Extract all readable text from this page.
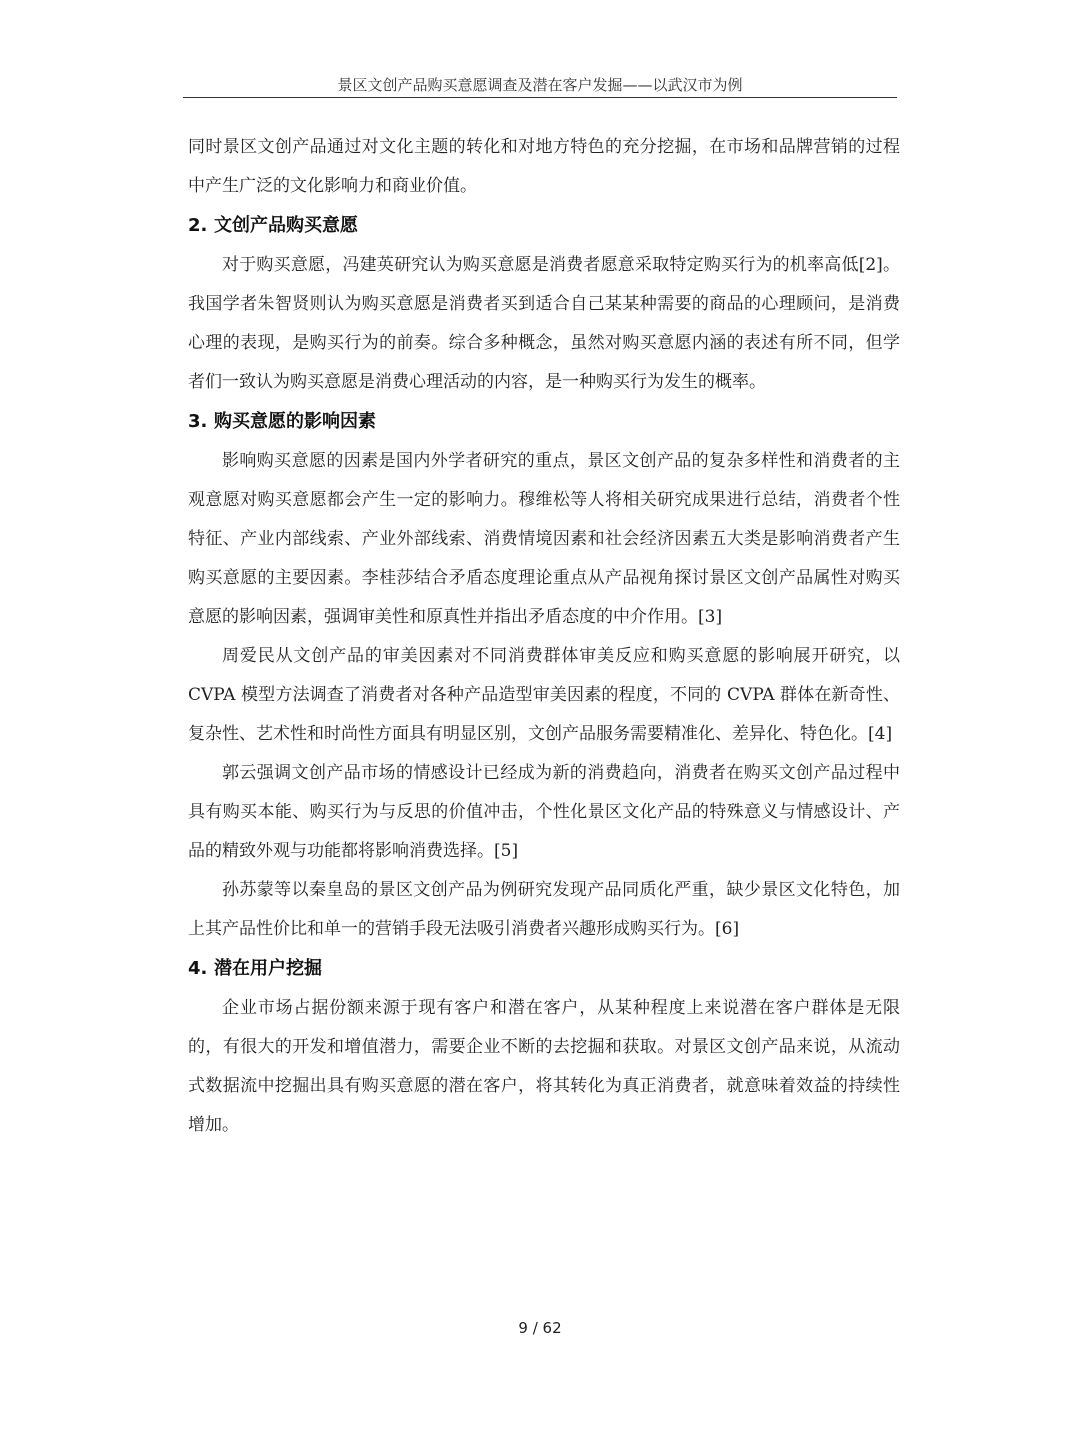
景区文创产品购买意愿调查及潜在客户发掘——以武汉市为例

同时景区文创产品通过对文化主题的转化和对地方特色的充分挖掘，在市场和品牌营销的过程中产生广泛的文化影响力和商业价值。

2. 文创产品购买意愿

对于购买意愿，冯建英研究认为购买意愿是消费者愿意采取特定购买行为的机率高低[2]。我国学者朱智贤则认为购买意愿是消费者买到适合自己某某种需要的商品的心理顾问，是消费心理的表现，是购买行为的前奏。综合多种概念，虽然对购买意愿内涵的表述有所不同，但学者们一致认为购买意愿是消费心理活动的内容，是一种购买行为发生的概率。

3. 购买意愿的影响因素

影响购买意愿的因素是国内外学者研究的重点，景区文创产品的复杂多样性和消费者的主观意愿对购买意愿都会产生一定的影响力。穆维松等人将相关研究成果进行总结，消费者个性特征、产业内部线索、产业外部线索、消费情境因素和社会经济因素五大类是影响消费者产生购买意愿的主要因素。李桂莎结合矛盾态度理论重点从产品视角探讨景区文创产品属性对购买意愿的影响因素，强调审美性和原真性并指出矛盾态度的中介作用。[3]

周爱民从文创产品的审美因素对不同消费群体审美反应和购买意愿的影响展开研究，以 CVPA 模型方法调查了消费者对各种产品造型审美因素的程度，不同的 CVPA 群体在新奇性、复杂性、艺术性和时尚性方面具有明显区别，文创产品服务需要精准化、差异化、特色化。[4]

郭云强调文创产品市场的情感设计已经成为新的消费趋向，消费者在购买文创产品过程中具有购买本能、购买行为与反思的价值冲击，个性化景区文化产品的特殊意义与情感设计、产品的精致外观与功能都将影响消费选择。[5]

孙苏蒙等以秦皇岛的景区文创产品为例研究发现产品同质化严重，缺少景区文化特色，加上其产品性价比和单一的营销手段无法吸引消费者兴趣形成购买行为。[6]

4. 潜在用户挖掘

企业市场占据份额来源于现有客户和潜在客户，从某种程度上来说潜在客户群体是无限的，有很大的开发和增值潜力，需要企业不断的去挖掘和获取。对景区文创产品来说，从流动式数据流中挖掘出具有购买意愿的潜在客户，将其转化为真正消费者，就意味着效益的持续性增加。

9 / 62
